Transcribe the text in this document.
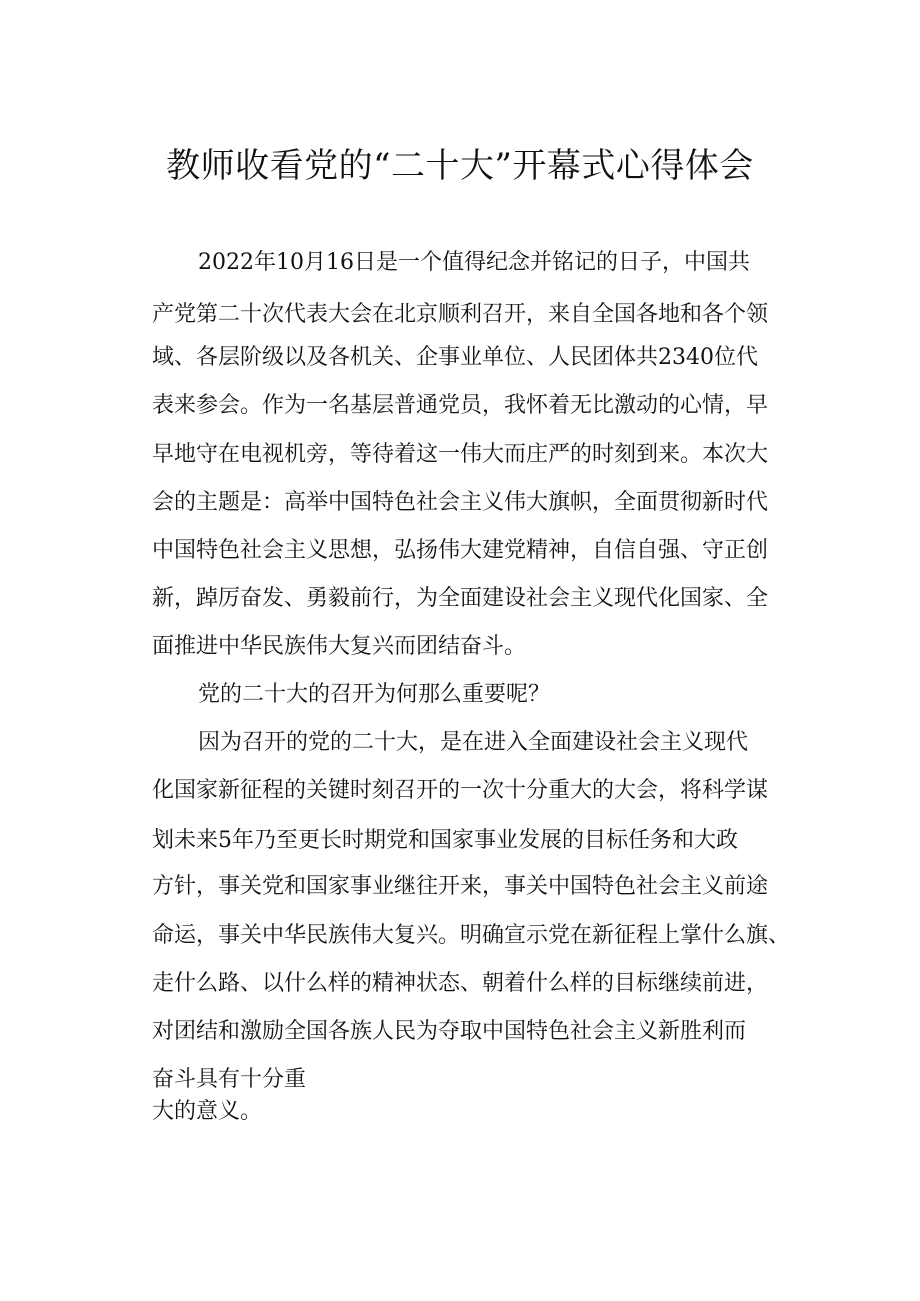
教师收看党的“二十大”开幕式心得体会
2022年10月16日是一个值得纪念并铭记的日子，中国共
产党第二十次代表大会在北京顺利召开，来自全国各地和各个领
域、各层阶级以及各机关、企事业单位、人民团体共2340位代
表来参会。作为一名基层普通党员，我怀着无比激动的心情，早
早地守在电视机旁，等待着这一伟大而庄严的时刻到来。本次大
会的主题是：高举中国特色社会主义伟大旗帜，全面贯彻新时代
中国特色社会主义思想，弘扬伟大建党精神，自信自强、守正创
新，踔厉奋发、勇毅前行，为全面建设社会主义现代化国家、全
面推进中华民族伟大复兴而团结奋斗。
党的二十大的召开为何那么重要呢？
因为召开的党的二十大，是在进入全面建设社会主义现代
化国家新征程的关键时刻召开的一次十分重大的大会，将科学谋
划未来5年乃至更长时期党和国家事业发展的目标任务和大政
方针，事关党和国家事业继往开来，事关中国特色社会主义前途
命运，事关中华民族伟大复兴。明确宣示党在新征程上掌什么旗、
走什么路、以什么样的精神状态、朝着什么样的目标继续前进，
对团结和激励全国各族人民为夺取中国特色社会主义新胜利而
奋斗具有十分重
大的意义。
